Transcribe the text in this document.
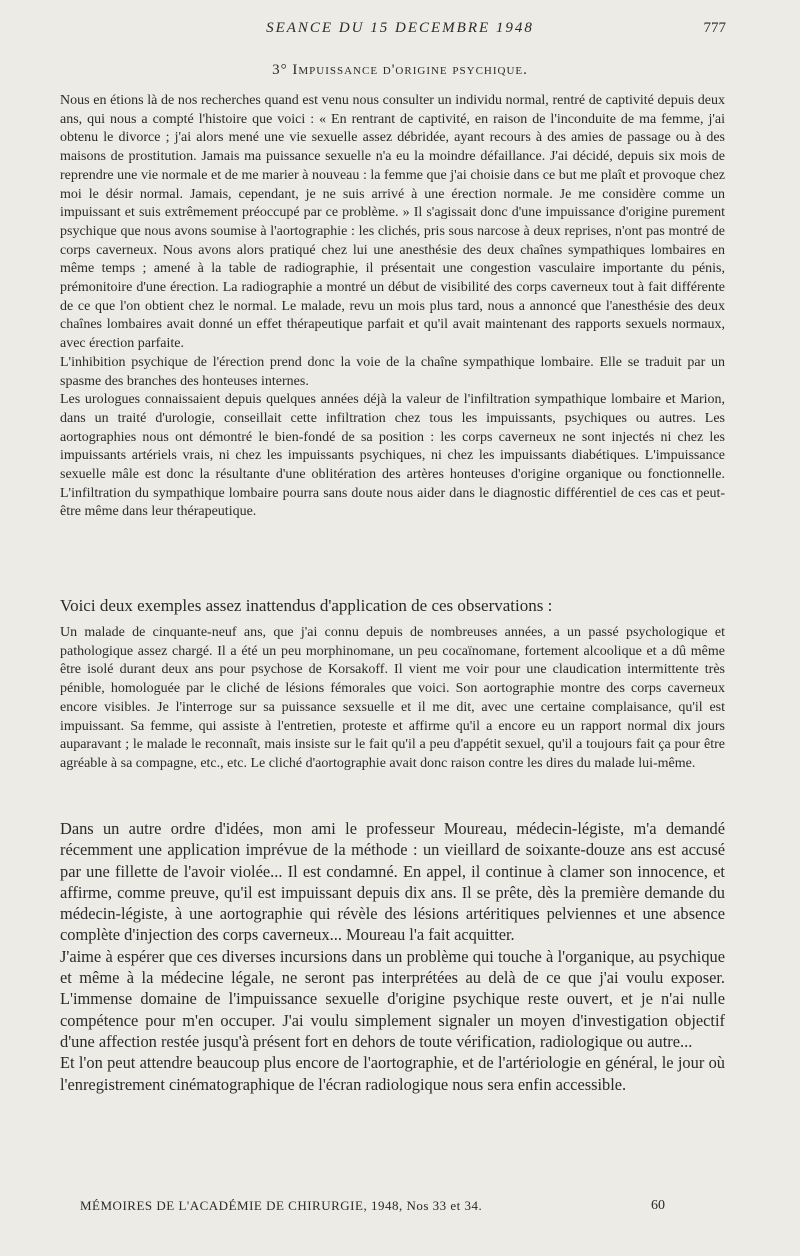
SEANCE DU 15 DECEMBRE 1948	777
3° Impuissance d'origine psychique.

Nous en étions là de nos recherches quand est venu nous consulter un individu normal, rentré de captivité depuis deux ans, qui nous a compté l'histoire que voici : « En rentrant de captivité, en raison de l'inconduite de ma femme, j'ai obtenu le divorce ; j'ai alors mené une vie sexuelle assez débridée, ayant recours à des amies de passage ou à des maisons de prostitution. Jamais ma puissance sexuelle n'a eu la moindre défaillance. J'ai décidé, depuis six mois de reprendre une vie normale et de me marier à nouveau : la femme que j'ai choisie dans ce but me plaît et provoque chez moi le désir normal. Jamais, cependant, je ne suis arrivé à une érection normale. Je me considère comme un impuissant et suis extrêmement préoccupé par ce problème. » Il s'agissait donc d'une impuissance d'origine purement psychique que nous avons soumise à l'aortographie : les clichés, pris sous narcose à deux reprises, n'ont pas montré de corps caverneux. Nous avons alors pratiqué chez lui une anesthésie des deux chaînes sympathiques lombaires en même temps ; amené à la table de radiographie, il présentait une congestion vasculaire importante du pénis, prémonitoire d'une érection. La radiographie a montré un début de visibilité des corps caverneux tout à fait différente de ce que l'on obtient chez le normal. Le malade, revu un mois plus tard, nous a annoncé que l'anesthésie des deux chaînes lombaires avait donné un effet thérapeutique parfait et qu'il avait maintenant des rapports sexuels normaux, avec érection parfaite.

L'inhibition psychique de l'érection prend donc la voie de la chaîne sympathique lombaire. Elle se traduit par un spasme des branches des honteuses internes.

Les urologues connaissaient depuis quelques années déjà la valeur de l'infiltration sympathique lombaire et Marion, dans un traité d'urologie, conseillait cette infiltration chez tous les impuissants, psychiques ou autres. Les aortographies nous ont démontré le bien-fondé de sa position : les corps caverneux ne sont injectés ni chez les impuissants artériels vrais, ni chez les impuissants psychiques, ni chez les impuissants diabétiques. L'impuissance sexuelle mâle est donc la résultante d'une oblitération des artères honteuses d'origine organique ou fonctionnelle. L'infiltration du sympathique lombaire pourra sans doute nous aider dans le diagnostic différentiel de ces cas et peut-être même dans leur thérapeutique.

Voici deux exemples assez inattendus d'application de ces observations :

Un malade de cinquante-neuf ans, que j'ai connu depuis de nombreuses années, a un passé psychologique et pathologique assez chargé. Il a été un peu morphinomane, un peu cocaïnomane, fortement alcoolique et a dû même être isolé durant deux ans pour psychose de Korsakoff. Il vient me voir pour une claudication intermittente très pénible, homologuée par le cliché de lésions fémorales que voici. Son aortographie montre des corps caverneux encore visibles. Je l'interroge sur sa puissance sexsuelle et il me dit, avec une certaine complaisance, qu'il est impuissant. Sa femme, qui assiste à l'entretien, proteste et affirme qu'il a encore eu un rapport normal dix jours auparavant ; le malade le reconnaît, mais insiste sur le fait qu'il a peu d'appétit sexuel, qu'il a toujours fait ça pour être agréable à sa compagne, etc., etc. Le cliché d'aortographie avait donc raison contre les dires du malade lui-même.

Dans un autre ordre d'idées, mon ami le professeur Moureau, médecin-légiste, m'a demandé récemment une application imprévue de la méthode : un vieillard de soixante-douze ans est accusé par une fillette de l'avoir violée... Il est condamné. En appel, il continue à clamer son innocence, et affirme, comme preuve, qu'il est impuissant depuis dix ans. Il se prête, dès la première demande du médecin-légiste, à une aortographie qui révèle des lésions artéritiques pelviennes et une absence complète d'injection des corps caverneux... Moureau l'a fait acquitter.

J'aime à espérer que ces diverses incursions dans un problème qui touche à l'organique, au psychique et même à la médecine légale, ne seront pas interprétées au delà de ce que j'ai voulu exposer. L'immense domaine de l'impuissance sexuelle d'origine psychique reste ouvert, et je n'ai nulle compétence pour m'en occuper. J'ai voulu simplement signaler un moyen d'investigation objectif d'une affection restée jusqu'à présent fort en dehors de toute vérification, radiologique ou autre...

Et l'on peut attendre beaucoup plus encore de l'aortographie, et de l'artériologie en général, le jour où l'enregistrement cinématographique de l'écran radiologique nous sera enfin accessible.

MÉMOIRES DE L'ACADÉMIE DE CHIRURGIE, 1948, Nos 33 et 34.	60
